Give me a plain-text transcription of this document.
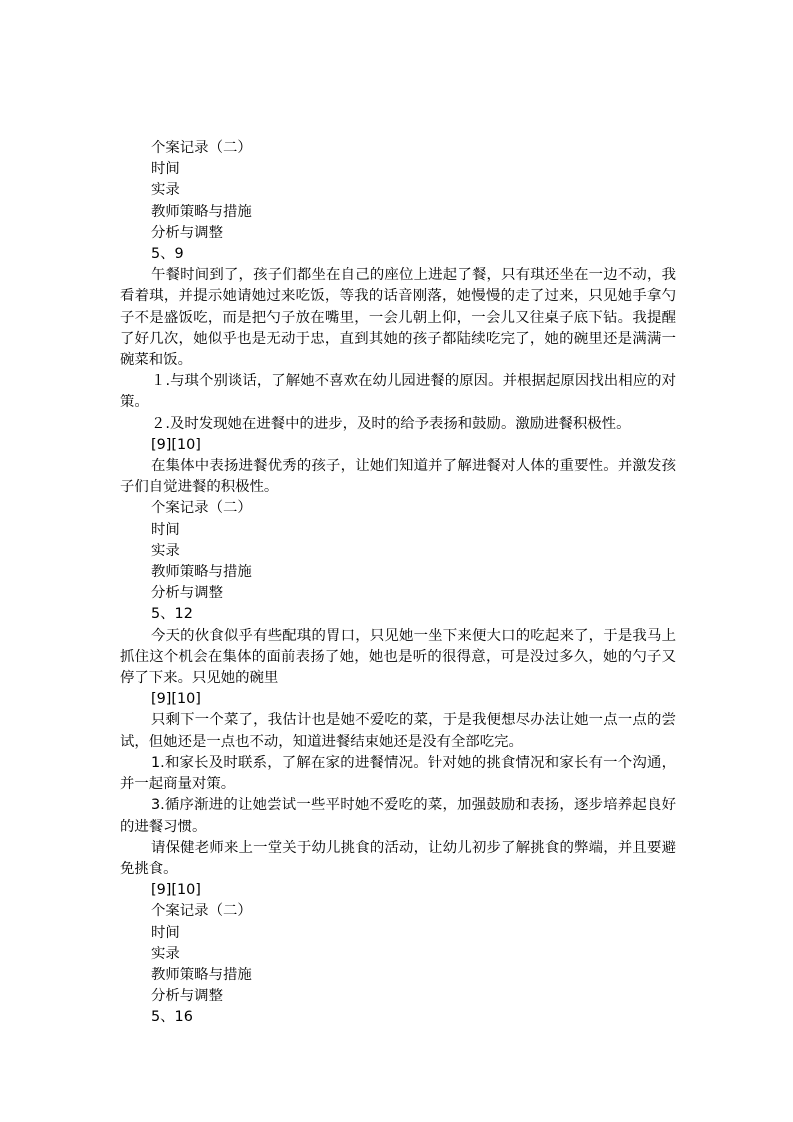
个案记录（二）
时间
实录
教师策略与措施
分析与调整
5、9
午餐时间到了，孩子们都坐在自己的座位上进起了餐，只有琪还坐在一边不动，我看着琪，并提示她请她过来吃饭，等我的话音刚落，她慢慢的走了过来，只见她手拿勺子不是盛饭吃，而是把勺子放在嘴里，一会儿朝上仰，一会儿又往桌子底下钻。我提醒了好几次，她似乎也是无动于忠，直到其她的孩子都陆续吃完了，她的碗里还是满满一碗菜和饭。
１.与琪个别谈话，了解她不喜欢在幼儿园进餐的原因。并根据起原因找出相应的对策。
２.及时发现她在进餐中的进步，及时的给予表扬和鼓励。激励进餐积极性。
[9][10]
在集体中表扬进餐优秀的孩子，让她们知道并了解进餐对人体的重要性。并激发孩子们自觉进餐的积极性。
个案记录（二）
时间
实录
教师策略与措施
分析与调整
5、12
今天的伙食似乎有些配琪的胃口，只见她一坐下来便大口的吃起来了，于是我马上抓住这个机会在集体的面前表扬了她，她也是听的很得意，可是没过多久，她的勺子又停了下来。只见她的碗里
[9][10]
只剩下一个菜了，我估计也是她不爱吃的菜，于是我便想尽办法让她一点一点的尝试，但她还是一点也不动，知道进餐结束她还是没有全部吃完。
1.和家长及时联系，了解在家的进餐情况。针对她的挑食情况和家长有一个沟通，并一起商量对策。
3.循序渐进的让她尝试一些平时她不爱吃的菜，加强鼓励和表扬，逐步培养起良好的进餐习惯。
请保健老师来上一堂关于幼儿挑食的活动，让幼儿初步了解挑食的弊端，并且要避免挑食。
[9][10]
个案记录（二）
时间
实录
教师策略与措施
分析与调整
5、16
